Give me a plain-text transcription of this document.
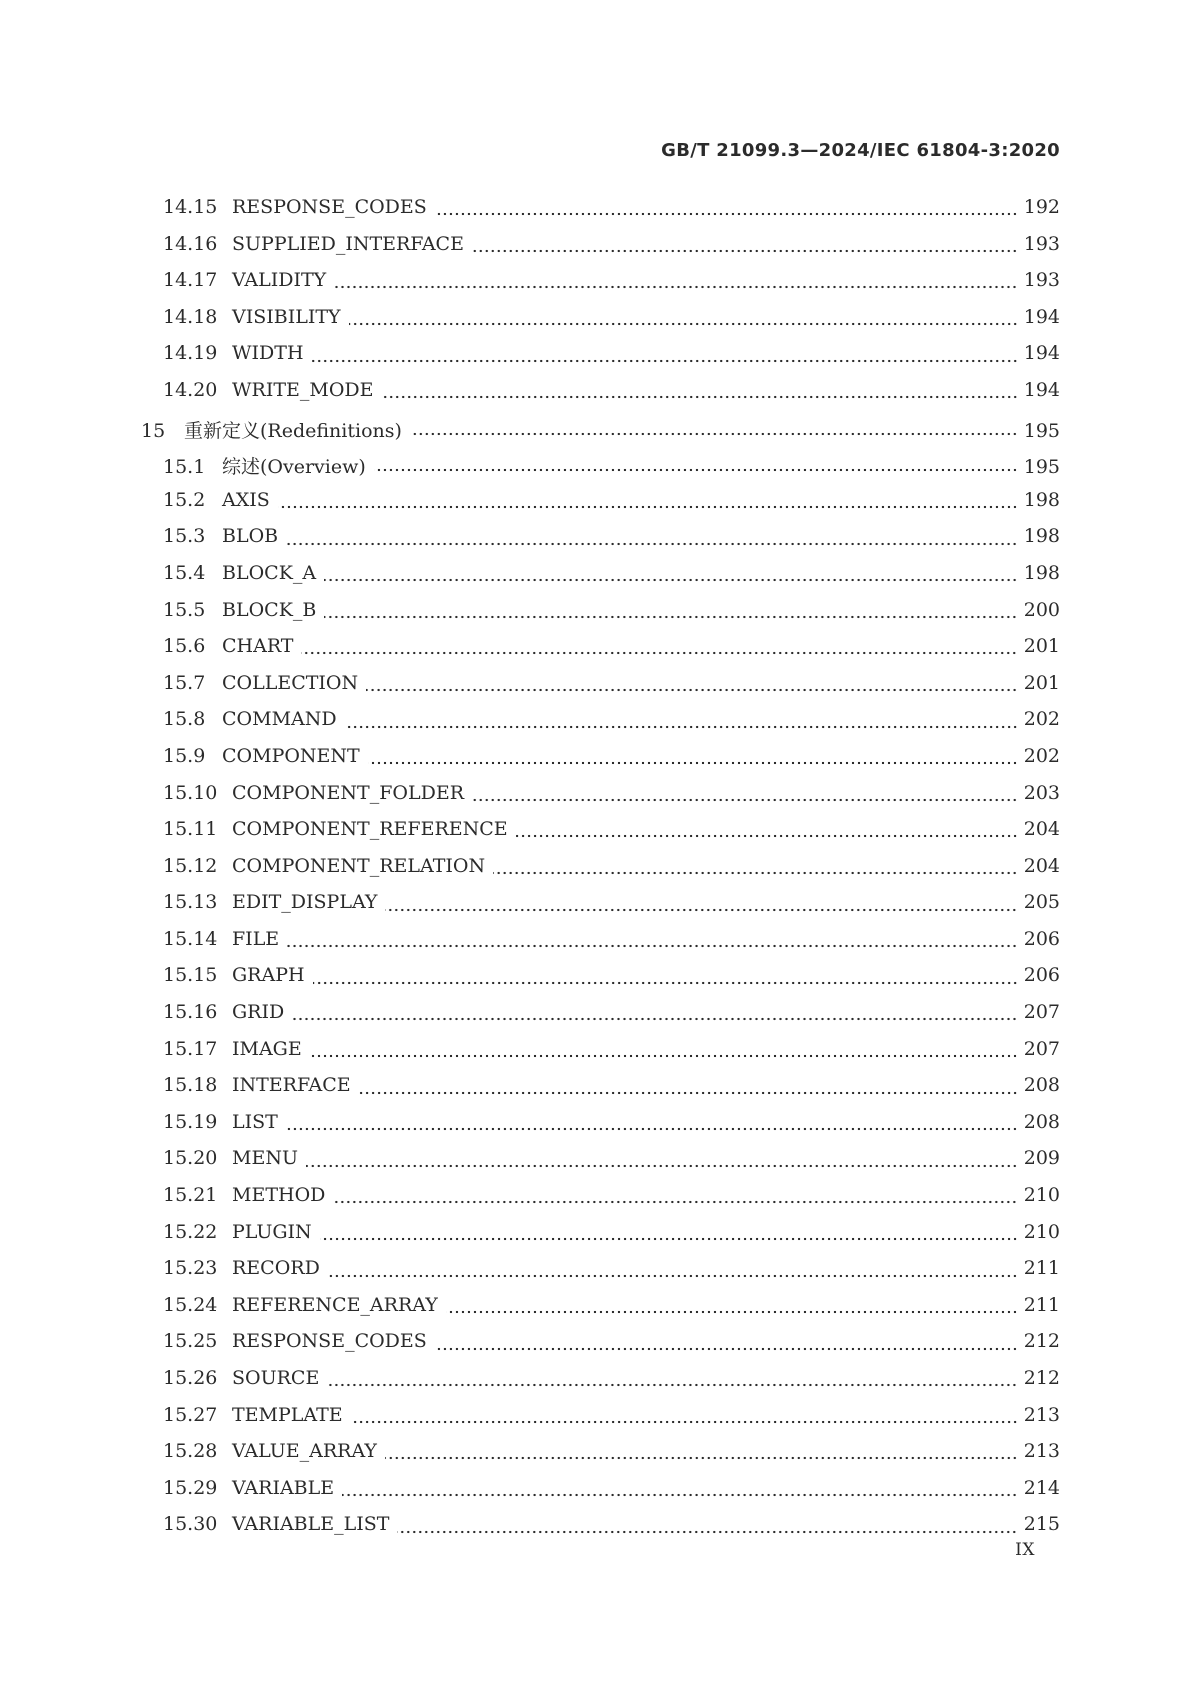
GB/T 21099.3—2024/IEC 61804-3:2020
14.15 RESPONSE_CODES	192
14.16 SUPPLIED_INTERFACE	193
14.17 VALIDITY	193
14.18 VISIBILITY	194
14.19 WIDTH	194
14.20 WRITE_MODE	194
15 重新定义(Redefinitions)	195
15.1 综述(Overview)	195
15.2 AXIS	198
15.3 BLOB	198
15.4 BLOCK_A	198
15.5 BLOCK_B	200
15.6 CHART	201
15.7 COLLECTION	201
15.8 COMMAND	202
15.9 COMPONENT	202
15.10 COMPONENT_FOLDER	203
15.11 COMPONENT_REFERENCE	204
15.12 COMPONENT_RELATION	204
15.13 EDIT_DISPLAY	205
15.14 FILE	206
15.15 GRAPH	206
15.16 GRID	207
15.17 IMAGE	207
15.18 INTERFACE	208
15.19 LIST	208
15.20 MENU	209
15.21 METHOD	210
15.22 PLUGIN	210
15.23 RECORD	211
15.24 REFERENCE_ARRAY	211
15.25 RESPONSE_CODES	212
15.26 SOURCE	212
15.27 TEMPLATE	213
15.28 VALUE_ARRAY	213
15.29 VARIABLE	214
15.30 VARIABLE_LIST	215
IX
